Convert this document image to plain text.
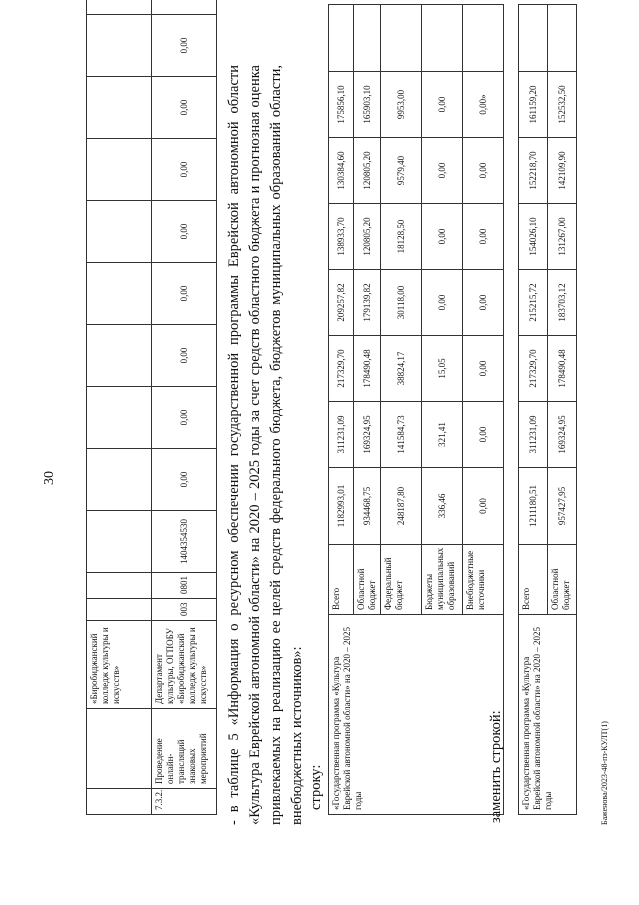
30
		«Биробиджанский колледж культуры и искусств»												
7.3.2.	Проведение онлайн-трансляций знаковых мероприятий	Департамент культуры, ОГПОБУ «Биробиджанский колледж культуры и искусств»	003	0801	1404354530	0,00	0,00	0,00	0,00	0,00	0,00	0,00	0,00	

- в таблице 5 «Информация о ресурсном обеспечении государственной программы Еврейской автономной области «Культура Еврейской автономной области» на 2020 – 2025 годы за счет средств областного бюджета и прогнозная оценка привлекаемых на реализацию ее целей средств федерального бюджета, бюджетов муниципальных образований области, внебюджетных источников»: строку: «Государственная программа «Культура Еврейской автономной области» на 2020 – 2025 годы	Всего	1182993,01	311231,09	217329,70	209257,82	138933,70	130384,60	175856,10	
	Областной бюджет	934468,75	169324,95	178490,48	179139,82	120805,20	120805,20	165903,10	
	Федеральный бюджет	248187,80	141584,73	38824,17	30118,00	18128,50	9579,40	9953,00	
	Бюджеты муниципальных образований	336,46	321,41	15,05	0,00	0,00	0,00	0,00	
	Внебюджетные источники	0,00	0,00	0,00	0,00	0,00	0,00	0,00»	
заменить строкой: «Государственная программа «Культура Еврейской автономной области» на 2020 – 2025 годы	Всего	1211180,51	311231,09	217329,70	215215,72	154026,10	152218,70	161159,20	
	Областной бюджет	957427,95	169324,95	178490,48	183703,12	131267,00	142109,90	152532,50	
Баженова/2023-48-пз-КУЛТ(1)
